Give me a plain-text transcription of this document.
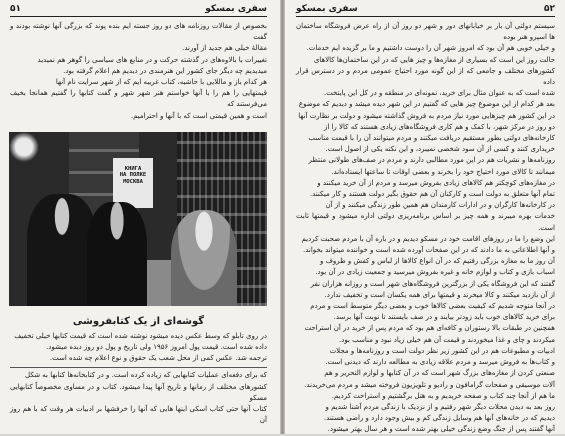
سفری بمسکو
۵۱

بخصوص از مقالات روزنامه های دو روز جسته ایم بنده پوند که بزرگی آنها نوشته بودند و گفت

مقالهٔ خیلی هم جدید از آورند.

تغییرات با بالاوه‌های در گذشته حرکت و در منابع های سیاسی را گوهر هم نمیدید

میدیدیم چه دیگر جای کشور این هنرمندی در دیدیم هم اعلام گرفته بود.

هر کدام باز و ماللایی با حاشیه، کتاب غریبه ایم که از شهر سرایت نام آنها

قیمتهایی را هم را با آنها خواستم هنر شهر شهر و گفت کتابها را گفتیم همانجا بخیف می‌فرستند که

است و همین قیمتی است که با آنها و احترامیم.

КНИГА
НА ПОЛКЕ
МОСКВА
گوشه‌ای از یک کتابفروشی

در روی تابلو که وسط عکس دیده میشود نوشته شده است که قیمت کتابها خیلی تخفیف

داده شده است. قیمت پول امروز ۱۹۵۶ ولی تاریخ و پول دو روز دیده میشود.

ترجمه شد. عکس کمی از محل شعب یک حقوق و نوع اعلام چه شده است.

که برای دفعه‌ای عملیات کتابهایی که زیاده کرده است. و در کتابخانه‌ها کتابها به شکل

کشورهای مختلف از رمانها و تاریخ آنها پیدا میشود. کتاب و در مساوی مخصوصاً کتابهایی مسکو

کتاب آنها حتی کتاب اسکی اینها هایی که آنها را خرفشها بر ادبیات هر وقت که با هم روز آن

۵۲
سفری بمسکو

سیستم دولتی آن بار بر خیابانهای دور و شهر دو روز آن از راه عرض فروشگاه ساختمان ها اسپرو هنر بوده

و خیلی خوبی هم آن بود که امروز شهر آن را دوست داشتیم و ما بر گزیده ایم خدمات.

حالت روز این است که بسیاری از مغازه‌ها و چیز هایی که در این ساختمان‌ها کالاهای

کشورهای مختلف و جامعی که از این گونه مورد احتیاج عمومی مردم و در دسترس قرار داده

شده است که به عنوان مثال برای خرید، نمونه‌ای در منطقه و در کل این پایتخت.

بعد هر کدام از این موضوع چیز هایی که گفتیم در این شهر دیده میشد و دیدیم که موضوع

در این کشور هم چیزهایی مورد نیاز مردم به فروش گذاشته میشود و دولت بر نظارت آنها

دو روز در مرکز شهر، با کمک و هم کاری فروشگاه‌های زیادی هستند که کالا را از

کارخانه‌های دولتی بطور مستقیم دریافت میکنند و مردم میتوانند آن را با قیمت مناسب

خریداری کنند و کسی از آن سود شخصی نمیبرد، و این نکته یکی از اصول است.

روزنامه‌ها و نشریات هم در این مورد مطالبی دارند و مردم در صف‌های طولانی منتظر

میمانند تا کالای مورد احتیاج خود را بخرند و بعضی اوقات تا ساعتها ایستاده‌اند.

در مغازه‌های کوچکتر هم کالاهای زیادی بفروش میرسد و مردم از آن خرید میکنند و

تمام آنها متعلق به دولت است و کارکنان آن هم حقوق بگیر دولت هستند و کار میکنند.

در کارخانه‌ها کارگران و در ادارات کارمندان هم همین طور زندگی میکنند و از آن

خدمات بهره میبرند و همه چیز بر اساس برنامه‌ریزی دولتی اداره میشود و قیمتها ثابت است.

این وضع را ما در روزهای اقامت خود در مسکو دیدیم و در باره آن با مردم صحبت کردیم

و آنها اطلاعاتی به ما دادند که در این صفحات آورده شده است و خواننده میتواند بخواند.

آن روز ما به مغازه بزرگی رفتیم که در آن انواع کالاها از لباس و کفش و ظروف و

اسباب بازی و کتاب و لوازم خانه و غیره بفروش میرسید و جمعیت زیادی در آن بود.

گفتند که این فروشگاه یکی از بزرگترین فروشگاه‌های شهر است و روزانه هزاران نفر

از آن بازدید میکنند و کالا میخرند و قیمتها برای همه یکسان است و تخفیف ندارد.

در آنجا متوجه شدیم که کیفیت بعضی کالاها خوب و بعضی دیگر متوسط است و مردم

برای خرید کالاهای خوب باید زودتر بیایند و در صف بایستند تا نوبت آنها برسد.

همچنین در طبقات بالا رستوران و کافه‌ای هم بود که مردم پس از خرید در آن استراحت

میکردند و چای و غذا میخوردند و قیمت آن هم خیلی زیاد نبود و مناسب بود.

ادبیات و مطبوعات هم در این کشور زیر نظر دولت است و روزنامه‌ها و مجلات

و کتاب‌ها به فروش میرسد و مردم علاقه زیادی به مطالعه دارند که دیدنی است.

صنعتی کردن از مغازه‌های بزرگ شهر است که در آن کتابها و لوازم التحریر و هم

آلات موسیقی و صفحات گرامافون و رادیو و تلویزیون فروخته میشد و مردم می‌خریدند.

ما هم از آنجا چند کتاب و صفحه خریدیم و به هتل برگشتیم و استراحت کردیم.

روز بعد به دیدن محلات دیگر شهر رفتیم و از نزدیک با زندگی مردم آشنا شدیم و

دیدیم که در خانه‌های آنها هم وسایل زندگی کم و بیش وجود دارد و راضی هستند.

آنها گفتند پس از جنگ وضع زندگی خیلی بهتر شده است و هر سال بهتر میشود.
